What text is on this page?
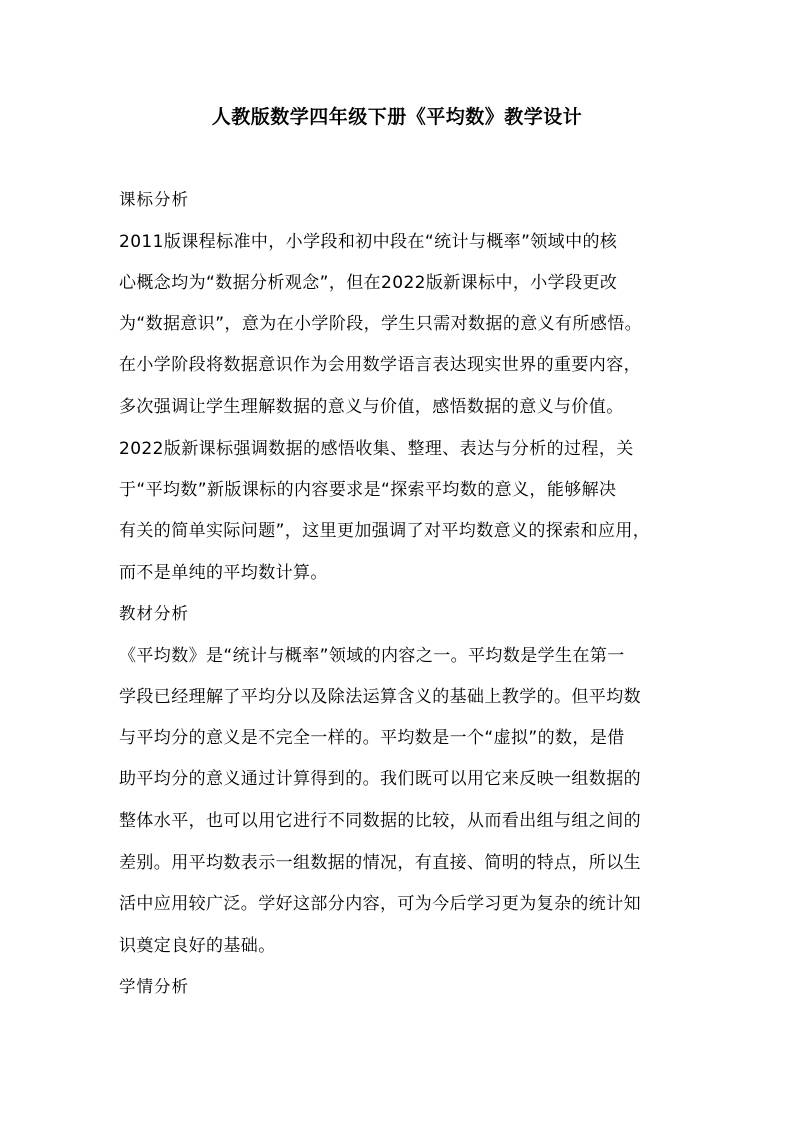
人教版数学四年级下册《平均数》教学设计
课标分析
2011版课程标准中，小学段和初中段在“统计与概率”领域中的核
心概念均为“数据分析观念”，但在2022版新课标中，小学段更改
为“数据意识”，意为在小学阶段，学生只需对数据的意义有所感悟。
在小学阶段将数据意识作为会用数学语言表达现实世界的重要内容，
多次强调让学生理解数据的意义与价值，感悟数据的意义与价值。
2022版新课标强调数据的感悟收集、整理、表达与分析的过程，关
于“平均数”新版课标的内容要求是“探索平均数的意义，能够解决
有关的简单实际问题”，这里更加强调了对平均数意义的探索和应用，
而不是单纯的平均数计算。
教材分析
《平均数》是“统计与概率”领域的内容之一。平均数是学生在第一
学段已经理解了平均分以及除法运算含义的基础上教学的。但平均数
与平均分的意义是不完全一样的。平均数是一个“虚拟”的数，是借
助平均分的意义通过计算得到的。我们既可以用它来反映一组数据的
整体水平，也可以用它进行不同数据的比较，从而看出组与组之间的
差别。用平均数表示一组数据的情况，有直接、简明的特点，所以生
活中应用较广泛。学好这部分内容，可为今后学习更为复杂的统计知
识奠定良好的基础。
学情分析
